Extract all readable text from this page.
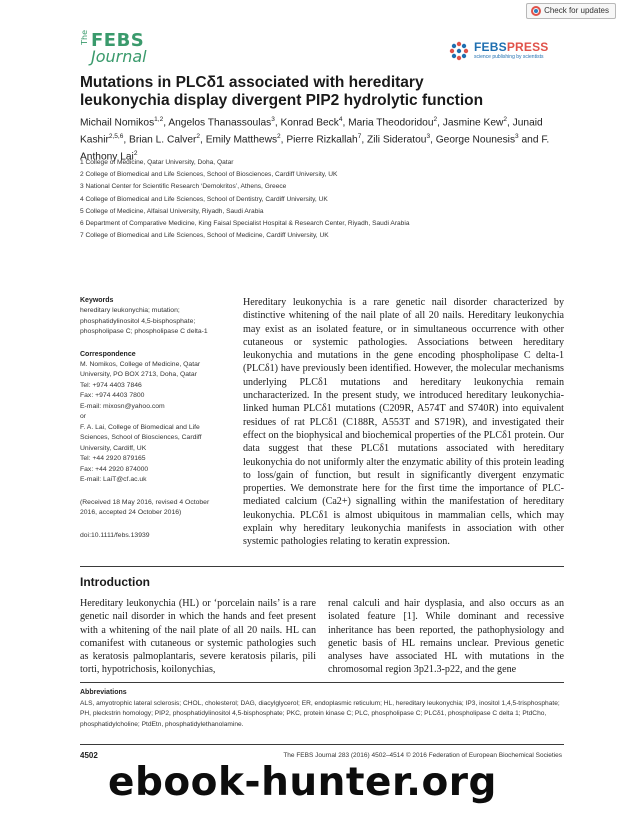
Check for updates
The FEBS
Journal	FEBSPRESS
science publishing by scientists
Mutations in PLCδ1 associated with hereditary
leukonychia display divergent PIP2 hydrolytic function
Michail Nomikos$^{1,2}$, Angelos Thanassoulas$^3$, Konrad Beck$^4$, Maria Theodoridou$^2$, Jasmine Kew$^2$, Junaid Kashir$^{2,5,6}$, Brian L. Calver$^2$, Emily Matthews$^2$, Pierre Rizkallah$^7$, Zili Sideratou$^3$, George Nounesis$^3$ and F. Anthony Lai$^2$
1 College of Medicine, Qatar University, Doha, Qatar
2 College of Biomedical and Life Sciences, School of Biosciences, Cardiff University, UK
3 National Center for Scientific Research ‘Demokritos’, Athens, Greece
4 College of Biomedical and Life Sciences, School of Dentistry, Cardiff University, UK
5 College of Medicine, Alfaisal University, Riyadh, Saudi Arabia
6 Department of Comparative Medicine, King Faisal Specialist Hospital & Research Center, Riyadh, Saudi Arabia
7 College of Biomedical and Life Sciences, School of Medicine, Cardiff University, UK
Keywords
hereditary leukonychia; mutation;
phosphatidylinositol 4,5-bisphosphate;
phospholipase C; phospholipase C delta-1
Correspondence
M. Nomikos, College of Medicine, Qatar
University, PO BOX 2713, Doha, Qatar
Tel: +974 4403 7846
Fax: +974 4403 7800
E-mail: mixosn@yahoo.com
or
F. A. Lai, College of Biomedical and Life
Sciences, School of Biosciences, Cardiff
University, Cardiff, UK
Tel: +44 2920 879165
Fax: +44 2920 874000
E-mail: LaiT@cf.ac.uk
(Received 18 May 2016, revised 4 October
2016, accepted 24 October 2016)
doi:10.1111/febs.13939
Hereditary leukonychia is a rare genetic nail disorder characterized by distinctive whitening of the nail plate of all 20 nails. Hereditary leukonychia may exist as an isolated feature, or in simultaneous occurrence with other cutaneous or systemic pathologies. Associations between hereditary leukonychia and mutations in the gene encoding phospholipase C delta-1 (PLCδ1) have previously been identified. However, the molecular mechanisms underlying PLCδ1 mutations and hereditary leukonychia remain uncharacterized. In the present study, we introduced hereditary leukonychia-linked human PLCδ1 mutations (C209R, A574T and S740R) into equivalent residues of rat PLCδ1 (C188R, A553T and S719R), and investigated their effect on the biophysical and biochemical properties of the PLCδ1 protein. Our data suggest that these PLCδ1 mutations associated with hereditary leukonychia do not uniformly alter the enzymatic ability of this protein leading to loss/gain of function, but result in significantly divergent enzymatic properties. We demonstrate here for the first time the importance of PLC-mediated calcium (Ca2+) signalling within the manifestation of hereditary leukonychia. PLCδ1 is almost ubiquitous in mammalian cells, which may explain why hereditary leukonychia manifests in association with other systemic pathologies relating to keratin expression.
Introduction
Hereditary leukonychia (HL) or ‘porcelain nails’ is a rare genetic nail disorder in which the hands and feet present with a whitening of the nail plate of all 20 nails. HL can comanifest with cutaneous or systemic pathologies such as keratosis palmoplantaris, severe keratosis pilaris, pili torti, hypotrichosis, koilonychias,
renal calculi and hair dysplasia, and also occurs as an isolated feature [1]. While dominant and recessive inheritance has been reported, the pathophysiology and genetic basis of HL remains unclear. Previous genetic analyses have associated HL with mutations in the chromosomal region 3p21.3-p22, and the gene
Abbreviations
ALS, amyotrophic lateral sclerosis; CHOL, cholesterol; DAG, diacylglycerol; ER, endoplasmic reticulum; HL, hereditary leukonychia; IP3, inositol 1,4,5-trisphosphate; PH, pleckstrin homology; PIP2, phosphatidylinositol 4,5-bisphosphate; PKC, protein kinase C; PLC, phospholipase C; PLCδ1, phospholipase C delta 1; PtdCho, phosphatidylcholine; PtdEtn, phosphatidylethanolamine.
4502	The FEBS Journal 283 (2016) 4502–4514 © 2016 Federation of European Biochemical Societies
ebook-hunter.org
